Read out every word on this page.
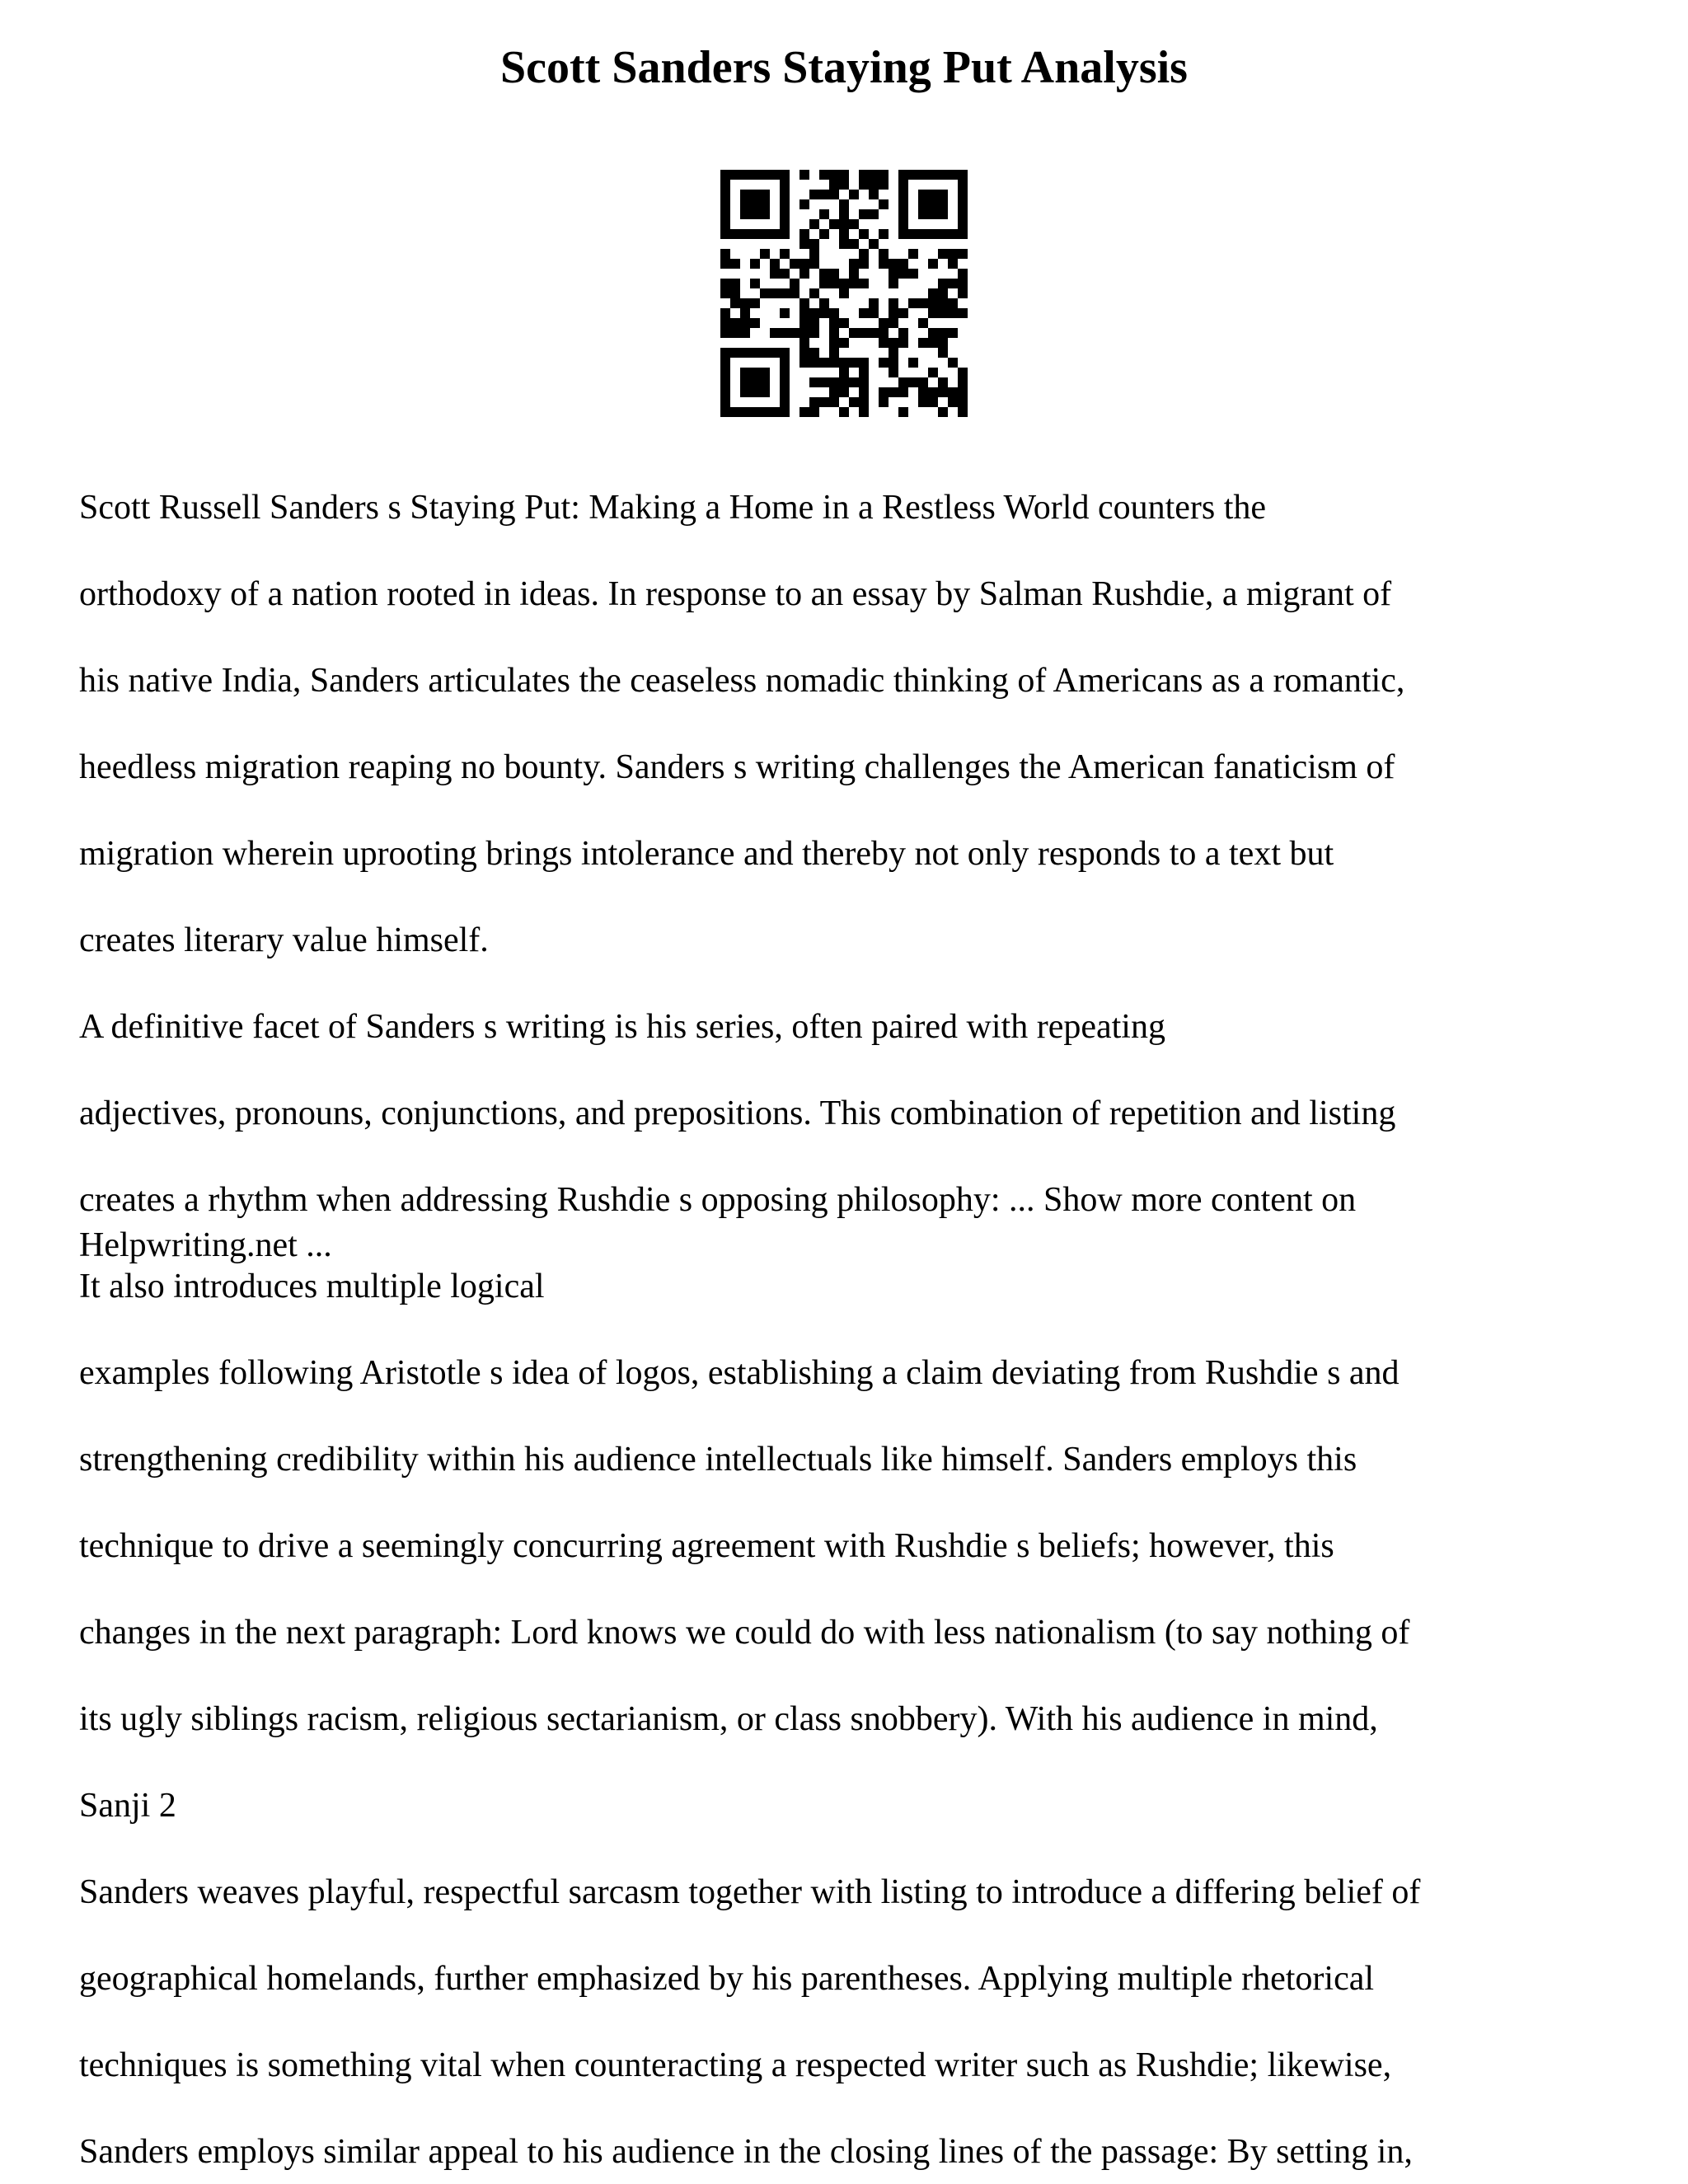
Scott Sanders Staying Put Analysis

Scott Russell Sanders s Staying Put: Making a Home in a Restless World counters the

orthodoxy of a nation rooted in ideas. In response to an essay by Salman Rushdie, a migrant of

his native India, Sanders articulates the ceaseless nomadic thinking of Americans as a romantic,

heedless migration reaping no bounty. Sanders s writing challenges the American fanaticism of

migration wherein uprooting brings intolerance and thereby not only responds to a text but

creates literary value himself.

A definitive facet of Sanders s writing is his series, often paired with repeating

adjectives, pronouns, conjunctions, and prepositions. This combination of repetition and listing

creates a rhythm when addressing Rushdie s opposing philosophy: ... Show more content on

Helpwriting.net ...

It also introduces multiple logical

examples following Aristotle s idea of logos, establishing a claim deviating from Rushdie s and

strengthening credibility within his audience intellectuals like himself. Sanders employs this

technique to drive a seemingly concurring agreement with Rushdie s beliefs; however, this

changes in the next paragraph: Lord knows we could do with less nationalism (to say nothing of

its ugly siblings racism, religious sectarianism, or class snobbery). With his audience in mind,

Sanji 2

Sanders weaves playful, respectful sarcasm together with listing to introduce a differing belief of

geographical homelands, further emphasized by his parentheses. Applying multiple rhetorical

techniques is something vital when counteracting a respected writer such as Rushdie; likewise,

Sanders employs similar appeal to his audience in the closing lines of the passage: By setting in,
